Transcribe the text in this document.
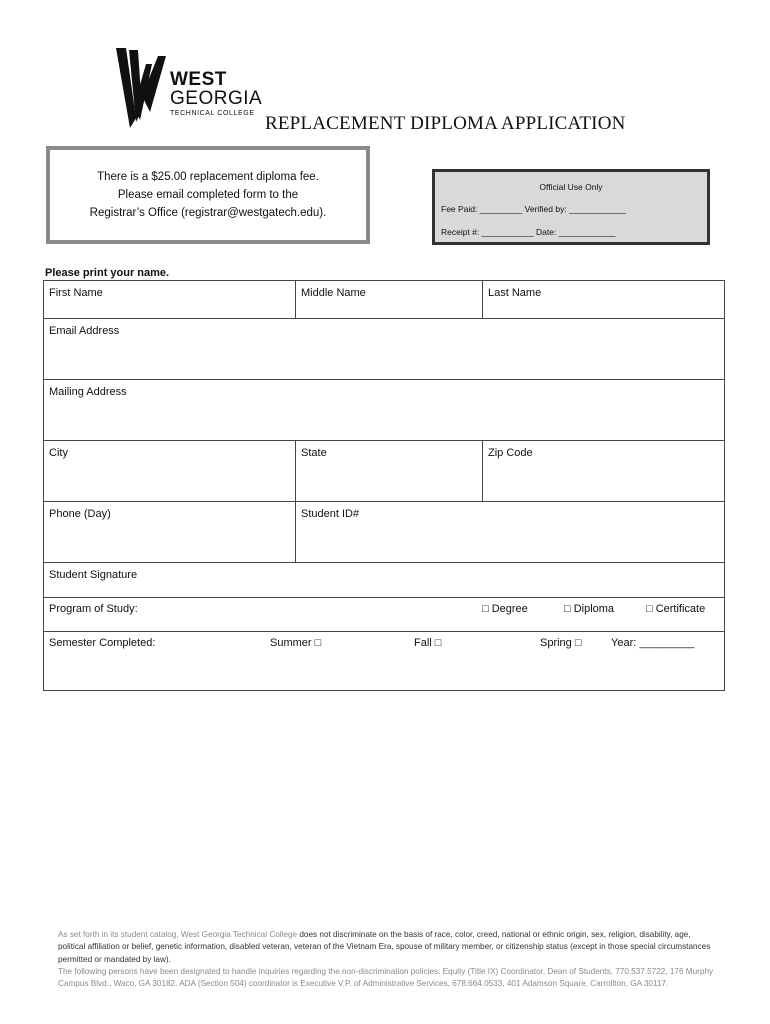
WEST
GEORGIA
TECHNICAL COLLEGE REPLACEMENT DIPLOMA APPLICATION
There is a $25.00 replacement diploma fee.
Please email completed form to the
Registrar’s Office (registrar@westgatech.edu).
Official Use Only
Fee Paid: _________ Verified by: ____________
Receipt #: ___________ Date: ____________
Please print your name.
First Name	Middle Name	Last Name
Email Address		
Mailing Address		
City	State	Zip Code
Phone (Day)	Student ID#	
Student Signature		

Program of Study: □ Degree □ Diploma □ Certificate		

Semester Completed: Summer □ Fall □ Spring □ Year: _________		
As set forth in its student catalog, West Georgia Technical College does not discriminate on the basis of race, color, creed, national or ethnic origin, sex, religion, disability, age, political affiliation or belief, genetic information, disabled veteran, veteran of the Vietnam Era, spouse of military member, or citizenship status (except in those special circumstances permitted or mandated by law).
The following persons have been designated to handle inquiries regarding the non-discrimination policies: Equity (Title IX) Coordinator, Dean of Students, 770.537.5722, 176 Murphy Campus Blvd., Waco, GA 30182. ADA (Section 504) coordinator is Executive V.P. of Administrative Services, 678.664.0533, 401 Adamson Square, Carrollton, GA 30117.
